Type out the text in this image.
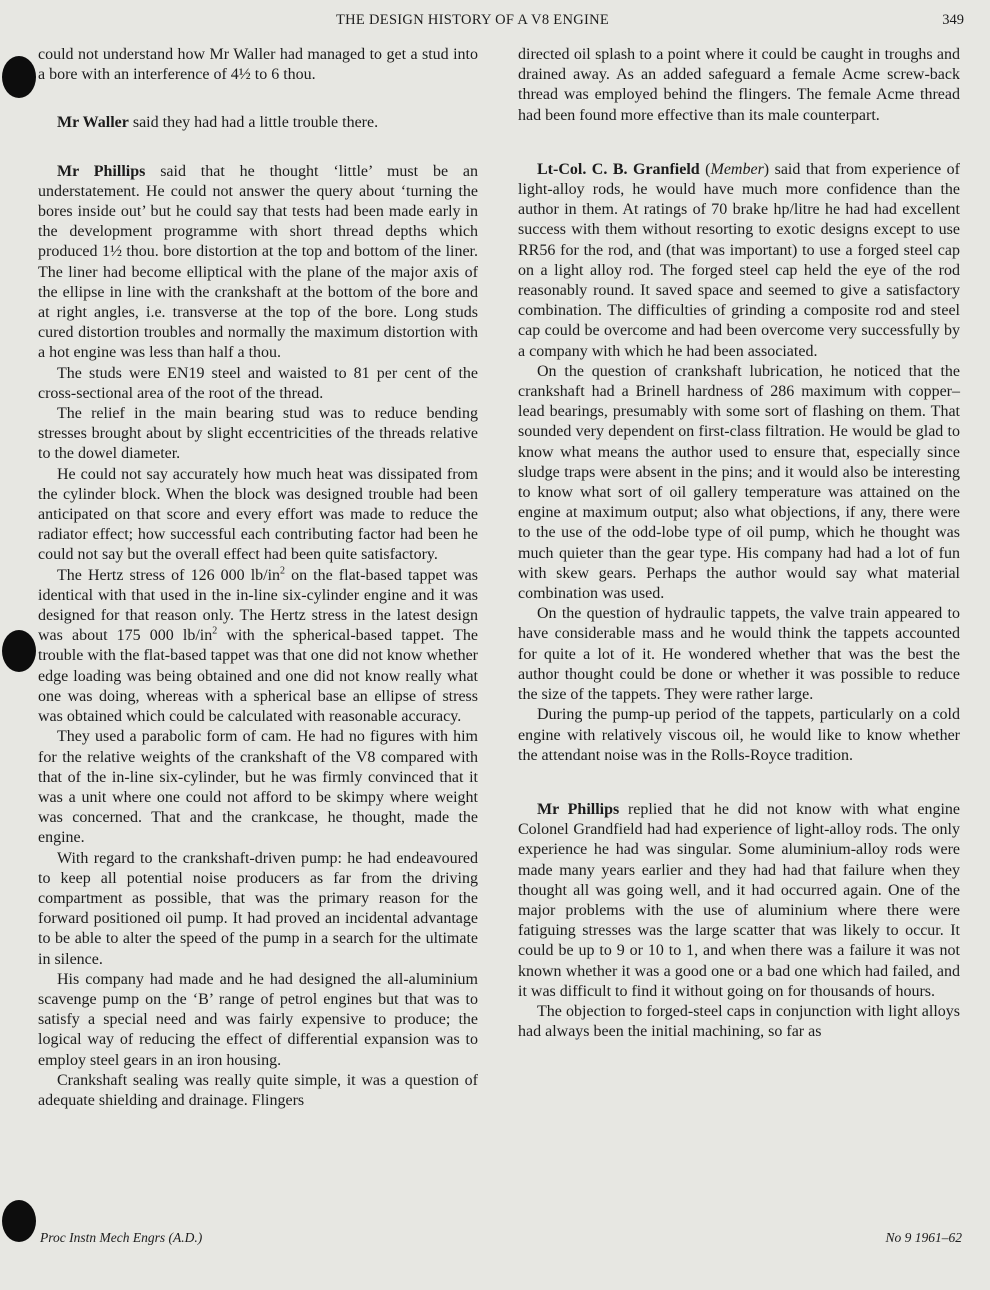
THE DESIGN HISTORY OF A V8 ENGINE	349

could not understand how Mr Waller had managed to get a stud into a bore with an interference of 4½ to 6 thou.

Mr Waller said they had had a little trouble there.

Mr Phillips said that he thought ‘little’ must be an understatement. He could not answer the query about ‘turning the bores inside out’ but he could say that tests had been made early in the development programme with short thread depths which produced 1½ thou. bore distortion at the top and bottom of the liner. The liner had become elliptical with the plane of the major axis of the ellipse in line with the crankshaft at the bottom of the bore and at right angles, i.e. transverse at the top of the bore. Long studs cured distortion troubles and normally the maximum distortion with a hot engine was less than half a thou.

The studs were EN19 steel and waisted to 81 per cent of the cross-sectional area of the root of the thread.

The relief in the main bearing stud was to reduce bending stresses brought about by slight eccentricities of the threads relative to the dowel diameter.

He could not say accurately how much heat was dissipated from the cylinder block. When the block was designed trouble had been anticipated on that score and every effort was made to reduce the radiator effect; how successful each contributing factor had been he could not say but the overall effect had been quite satisfactory.

The Hertz stress of 126 000 $lb/in^2$ on the flat-based tappet was identical with that used in the in-line six-cylinder engine and it was designed for that reason only. The Hertz stress in the latest design was about 175 000 $lb/in^2$ with the spherical-based tappet. The trouble with the flat-based tappet was that one did not know whether edge loading was being obtained and one did not know really what one was doing, whereas with a spherical base an ellipse of stress was obtained which could be calculated with reasonable accuracy.

They used a parabolic form of cam. He had no figures with him for the relative weights of the crankshaft of the V8 compared with that of the in-line six-cylinder, but he was firmly convinced that it was a unit where one could not afford to be skimpy where weight was concerned. That and the crankcase, he thought, made the engine.

With regard to the crankshaft-driven pump: he had endeavoured to keep all potential noise producers as far from the driving compartment as possible, that was the primary reason for the forward positioned oil pump. It had proved an incidental advantage to be able to alter the speed of the pump in a search for the ultimate in silence.

His company had made and he had designed the all-aluminium scavenge pump on the ‘B’ range of petrol engines but that was to satisfy a special need and was fairly expensive to produce; the logical way of reducing the effect of differential expansion was to employ steel gears in an iron housing.

Crankshaft sealing was really quite simple, it was a question of adequate shielding and drainage. Flingers

directed oil splash to a point where it could be caught in troughs and drained away. As an added safeguard a female Acme screw-back thread was employed behind the flingers. The female Acme thread had been found more effective than its male counterpart.

Lt-Col. C. B. Granfield (Member) said that from experience of light-alloy rods, he would have much more confidence than the author in them. At ratings of 70 brake hp/litre he had had excellent success with them without resorting to exotic designs except to use RR56 for the rod, and (that was important) to use a forged steel cap on a light alloy rod. The forged steel cap held the eye of the rod reasonably round. It saved space and seemed to give a satisfactory combination. The difficulties of grinding a composite rod and steel cap could be overcome and had been overcome very successfully by a company with which he had been associated.

On the question of crankshaft lubrication, he noticed that the crankshaft had a Brinell hardness of 286 maximum with copper–lead bearings, presumably with some sort of flashing on them. That sounded very dependent on first-class filtration. He would be glad to know what means the author used to ensure that, especially since sludge traps were absent in the pins; and it would also be interesting to know what sort of oil gallery temperature was attained on the engine at maximum output; also what objections, if any, there were to the use of the odd-lobe type of oil pump, which he thought was much quieter than the gear type. His company had had a lot of fun with skew gears. Perhaps the author would say what material combination was used.

On the question of hydraulic tappets, the valve train appeared to have considerable mass and he would think the tappets accounted for quite a lot of it. He wondered whether that was the best the author thought could be done or whether it was possible to reduce the size of the tappets. They were rather large.

During the pump-up period of the tappets, particularly on a cold engine with relatively viscous oil, he would like to know whether the attendant noise was in the Rolls-Royce tradition.

Mr Phillips replied that he did not know with what engine Colonel Grandfield had had experience of light-alloy rods. The only experience he had was singular. Some aluminium-alloy rods were made many years earlier and they had had that failure when they thought all was going well, and it had occurred again. One of the major problems with the use of aluminium where there were fatiguing stresses was the large scatter that was likely to occur. It could be up to 9 or 10 to 1, and when there was a failure it was not known whether it was a good one or a bad one which had failed, and it was difficult to find it without going on for thousands of hours.

The objection to forged-steel caps in conjunction with light alloys had always been the initial machining, so far as

Proc Instn Mech Engrs (A.D.)	No 9 1961–62
